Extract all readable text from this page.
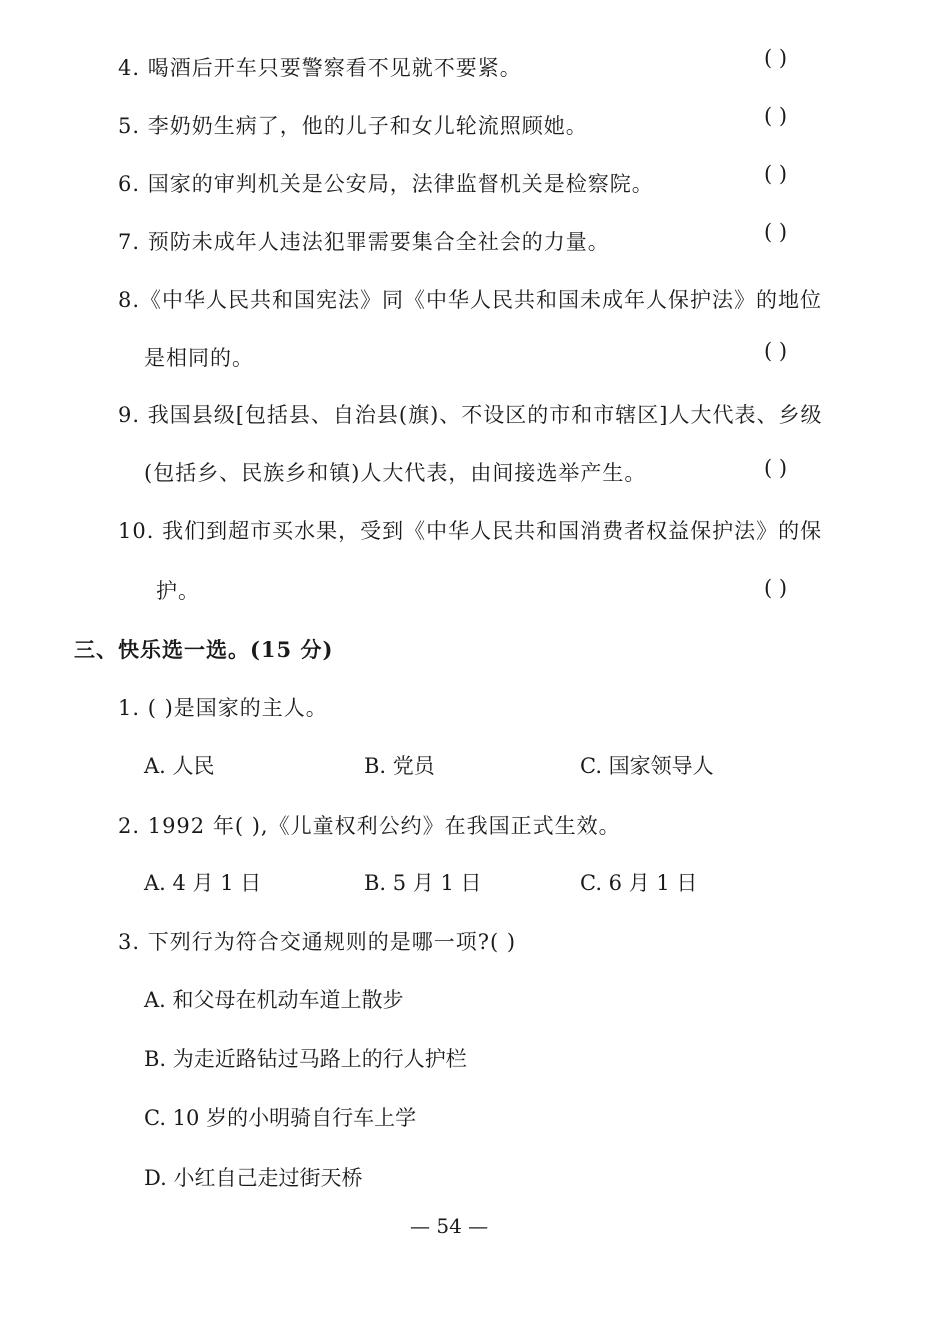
4. 喝酒后开车只要警察看不见就不要紧。	( )
5. 李奶奶生病了，他的儿子和女儿轮流照顾她。	( )
6. 国家的审判机关是公安局，法律监督机关是检察院。	( )
7. 预防未成年人违法犯罪需要集合全社会的力量。	( )
8.《中华人民共和国宪法》同《中华人民共和国未成年人保护法》的地位
是相同的。	( )
9. 我国县级[包括县、自治县(旗)、不设区的市和市辖区]人大代表、乡级
(包括乡、民族乡和镇)人大代表，由间接选举产生。	( )
10. 我们到超市买水果，受到《中华人民共和国消费者权益保护法》的保
护。	( )
三、快乐选一选。(15 分)
1. ( )是国家的主人。
A. 人民	B. 党员	C. 国家领导人
2. 1992 年( ),《儿童权利公约》在我国正式生效。
A. 4 月 1 日	B. 5 月 1 日	C. 6 月 1 日
3. 下列行为符合交通规则的是哪一项?( )
A. 和父母在机动车道上散步
B. 为走近路钻过马路上的行人护栏
C. 10 岁的小明骑自行车上学
D. 小红自己走过街天桥
— 54 —
